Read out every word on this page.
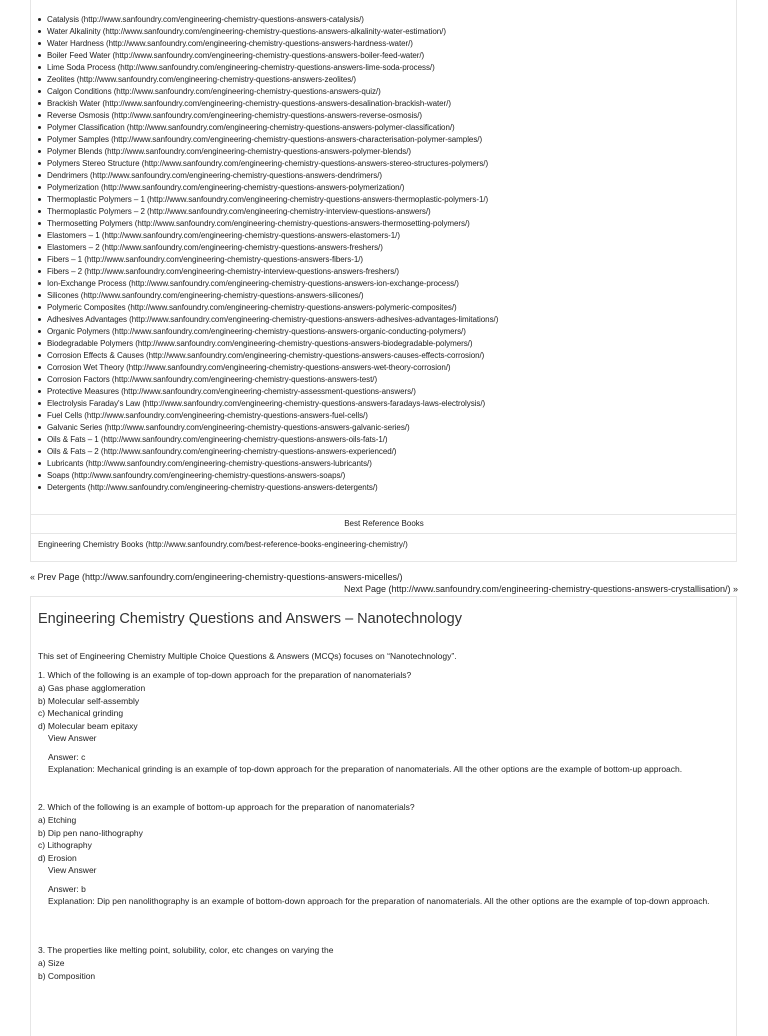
Catalysis (http://www.sanfoundry.com/engineering-chemistry-questions-answers-catalysis/)
Water Alkalinity (http://www.sanfoundry.com/engineering-chemistry-questions-answers-alkalinity-water-estimation/)
Water Hardness (http://www.sanfoundry.com/engineering-chemistry-questions-answers-hardness-water/)
Boiler Feed Water (http://www.sanfoundry.com/engineering-chemistry-questions-answers-boiler-feed-water/)
Lime Soda Process (http://www.sanfoundry.com/engineering-chemistry-questions-answers-lime-soda-process/)
Zeolites (http://www.sanfoundry.com/engineering-chemistry-questions-answers-zeolites/)
Calgon Conditions (http://www.sanfoundry.com/engineering-chemistry-questions-answers-quiz/)
Brackish Water (http://www.sanfoundry.com/engineering-chemistry-questions-answers-desalination-brackish-water/)
Reverse Osmosis (http://www.sanfoundry.com/engineering-chemistry-questions-answers-reverse-osmosis/)
Polymer Classification (http://www.sanfoundry.com/engineering-chemistry-questions-answers-polymer-classification/)
Polymer Samples (http://www.sanfoundry.com/engineering-chemistry-questions-answers-characterisation-polymer-samples/)
Polymer Blends (http://www.sanfoundry.com/engineering-chemistry-questions-answers-polymer-blends/)
Polymers Stereo Structure (http://www.sanfoundry.com/engineering-chemistry-questions-answers-stereo-structures-polymers/)
Dendrimers (http://www.sanfoundry.com/engineering-chemistry-questions-answers-dendrimers/)
Polymerization (http://www.sanfoundry.com/engineering-chemistry-questions-answers-polymerization/)
Thermoplastic Polymers – 1 (http://www.sanfoundry.com/engineering-chemistry-questions-answers-thermoplastic-polymers-1/)
Thermoplastic Polymers – 2 (http://www.sanfoundry.com/engineering-chemistry-interview-questions-answers/)
Thermosetting Polymers (http://www.sanfoundry.com/engineering-chemistry-questions-answers-thermosetting-polymers/)
Elastomers – 1 (http://www.sanfoundry.com/engineering-chemistry-questions-answers-elastomers-1/)
Elastomers – 2 (http://www.sanfoundry.com/engineering-chemistry-questions-answers-freshers/)
Fibers – 1 (http://www.sanfoundry.com/engineering-chemistry-questions-answers-fibers-1/)
Fibers – 2 (http://www.sanfoundry.com/engineering-chemistry-interview-questions-answers-freshers/)
Ion-Exchange Process (http://www.sanfoundry.com/engineering-chemistry-questions-answers-ion-exchange-process/)
Silicones (http://www.sanfoundry.com/engineering-chemistry-questions-answers-silicones/)
Polymeric Composites (http://www.sanfoundry.com/engineering-chemistry-questions-answers-polymeric-composites/)
Adhesives Advantages (http://www.sanfoundry.com/engineering-chemistry-questions-answers-adhesives-advantages-limitations/)
Organic Polymers (http://www.sanfoundry.com/engineering-chemistry-questions-answers-organic-conducting-polymers/)
Biodegradable Polymers (http://www.sanfoundry.com/engineering-chemistry-questions-answers-biodegradable-polymers/)
Corrosion Effects & Causes (http://www.sanfoundry.com/engineering-chemistry-questions-answers-causes-effects-corrosion/)
Corrosion Wet Theory (http://www.sanfoundry.com/engineering-chemistry-questions-answers-wet-theory-corrosion/)
Corrosion Factors (http://www.sanfoundry.com/engineering-chemistry-questions-answers-test/)
Protective Measures (http://www.sanfoundry.com/engineering-chemistry-assessment-questions-answers/)
Electrolysis Faraday's Law (http://www.sanfoundry.com/engineering-chemistry-questions-answers-faradays-laws-electrolysis/)
Fuel Cells (http://www.sanfoundry.com/engineering-chemistry-questions-answers-fuel-cells/)
Galvanic Series (http://www.sanfoundry.com/engineering-chemistry-questions-answers-galvanic-series/)
Oils & Fats – 1 (http://www.sanfoundry.com/engineering-chemistry-questions-answers-oils-fats-1/)
Oils & Fats – 2 (http://www.sanfoundry.com/engineering-chemistry-questions-answers-experienced/)
Lubricants (http://www.sanfoundry.com/engineering-chemistry-questions-answers-lubricants/)
Soaps (http://www.sanfoundry.com/engineering-chemistry-questions-answers-soaps/)
Detergents (http://www.sanfoundry.com/engineering-chemistry-questions-answers-detergents/)
Best Reference Books
Engineering Chemistry Books (http://www.sanfoundry.com/best-reference-books-engineering-chemistry/)
« Prev Page (http://www.sanfoundry.com/engineering-chemistry-questions-answers-micelles/)
Next Page (http://www.sanfoundry.com/engineering-chemistry-questions-answers-crystallisation/) »
Engineering Chemistry Questions and Answers – Nanotechnology
This set of Engineering Chemistry Multiple Choice Questions & Answers (MCQs) focuses on “Nanotechnology”.
1. Which of the following is an example of top-down approach for the preparation of nanomaterials?
a) Gas phase agglomeration
b) Molecular self-assembly
c) Mechanical grinding
d) Molecular beam epitaxy
View Answer
Answer: c
Explanation: Mechanical grinding is an example of top-down approach for the preparation of nanomaterials. All the other options are the example of bottom-up approach.
2. Which of the following is an example of bottom-up approach for the preparation of nanomaterials?
a) Etching
b) Dip pen nano-lithography
c) Lithography
d) Erosion
View Answer
Answer: b
Explanation: Dip pen nanolithography is an example of bottom-down approach for the preparation of nanomaterials. All the other options are the example of top-down approach.
3. The properties like melting point, solubility, color, etc changes on varying the
a) Size
b) Composition
